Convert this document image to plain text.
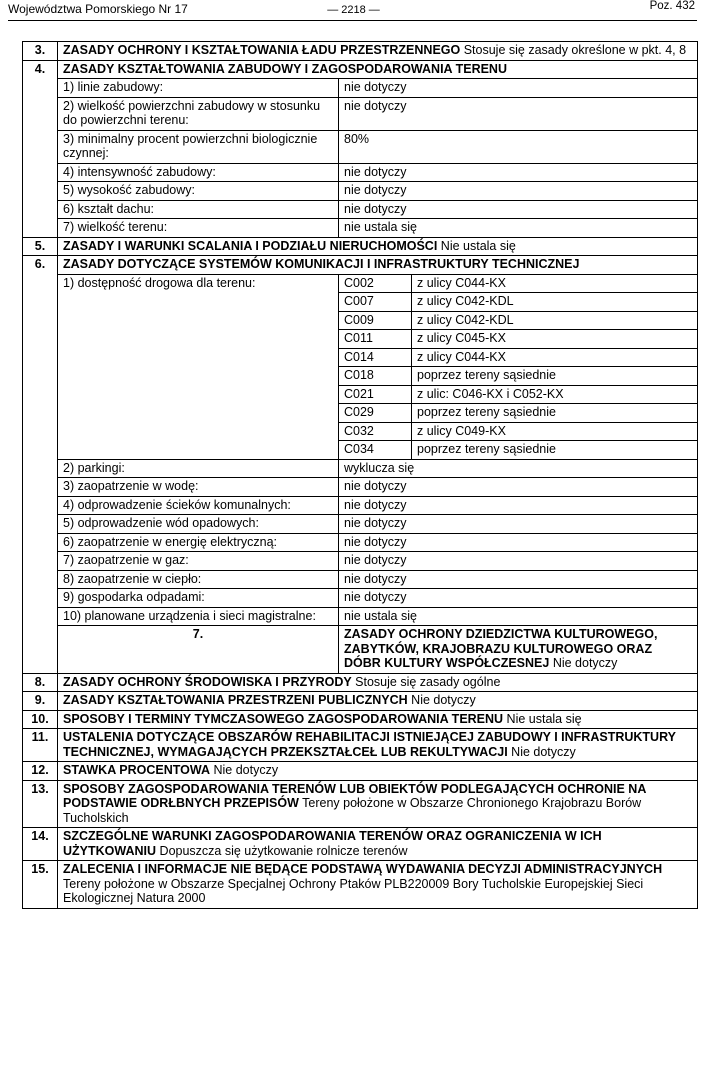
Województwa Pomorskiego Nr 17	— 2218 —	Poz. 432
3.	ZASADY OCHRONY I KSZTAŁTOWANIA ŁADU PRZESTRZENNEGO Stosuje się zasady określone w pkt. 4, 8		
4.	ZASADY KSZTAŁTOWANIA ZABUDOWY I ZAGOSPODAROWANIA TERENU		
	1) linie zabudowy:	nie dotyczy	
	2) wielkość powierzchni zabudowy w stosunku do powierzchni terenu:	nie dotyczy	
	3) minimalny procent powierzchni biologicznie czynnej:	80%	
	4) intensywność zabudowy:	nie dotyczy	
	5) wysokość zabudowy:	nie dotyczy	
	6) kształt dachu:	nie dotyczy	
	7) wielkość terenu:	nie ustala się	
5.	ZASADY I WARUNKI SCALANIA I PODZIAŁU NIERUCHOMOŚCI Nie ustala się		
6.	ZASADY DOTYCZĄCE SYSTEMÓW KOMUNIKACJI I INFRASTRUKTURY TECHNICZNEJ		
	1) dostępność drogowa dla terenu:	C002	z ulicy C044-KX
		C007	z ulicy C042-KDL
		C009	z ulicy C042-KDL
		C011	z ulicy C045-KX
		C014	z ulicy C044-KX
		C018	poprzez tereny sąsiednie
		C021	z ulic: C046-KX i C052-KX
		C029	poprzez tereny sąsiednie
		C032	z ulicy C049-KX
		C034	poprzez tereny sąsiednie
	2) parkingi:	wyklucza się	
	3) zaopatrzenie w wodę:	nie dotyczy	
	4) odprowadzenie ścieków komunalnych:	nie dotyczy	
	5) odprowadzenie wód opadowych:	nie dotyczy	
	6) zaopatrzenie w energię elektryczną:	nie dotyczy	
	7) zaopatrzenie w gaz:	nie dotyczy	
	8) zaopatrzenie w ciepło:	nie dotyczy	
	9) gospodarka odpadami:	nie dotyczy	
	10) planowane urządzenia i sieci magistralne:	nie ustala się	
	7.	ZASADY OCHRONY DZIEDZICTWA KULTUROWEGO, ZABYTKÓW, KRAJOBRAZU KULTUROWEGO ORAZ DÓBR KULTURY WSPÓŁCZESNEJ Nie dotyczy	
8.	ZASADY OCHRONY ŚRODOWISKA I PRZYRODY Stosuje się zasady ogólne		
9.	ZASADY KSZTAŁTOWANIA PRZESTRZENI PUBLICZNYCH Nie dotyczy		
10.	SPOSOBY I TERMINY TYMCZASOWEGO ZAGOSPODAROWANIA TERENU Nie ustala się		
11.	USTALENIA DOTYCZĄCE OBSZARÓW REHABILITACJI ISTNIEJĄCEJ ZABUDOWY I INFRASTRUKTURY TECHNICZNEJ, WYMAGAJĄCYCH PRZEKSZTAŁCEŁ LUB REKULTYWACJI Nie dotyczy		
12.	STAWKA PROCENTOWA Nie dotyczy		
13.	SPOSOBY ZAGOSPODAROWANIA TERENÓW LUB OBIEKTÓW PODLEGAJĄCYCH OCHRONIE NA PODSTAWIE ODRŁBNYCH PRZEPISÓW Tereny położone w Obszarze Chronionego Krajobrazu Borów Tucholskich		
14.	SZCZEGÓLNE WARUNKI ZAGOSPODAROWANIA TERENÓW ORAZ OGRANICZENIA W ICH UŻYTKOWANIU Dopuszcza się użytkowanie rolnicze terenów		
15.	ZALECENIA I INFORMACJE NIE BĘDĄCE PODSTAWĄ WYDAWANIA DECYZJI ADMINISTRACYJNYCH Tereny położone w Obszarze Specjalnej Ochrony Ptaków PLB220009 Bory Tucholskie Europejskiej Sieci Ekologicznej Natura 2000		
